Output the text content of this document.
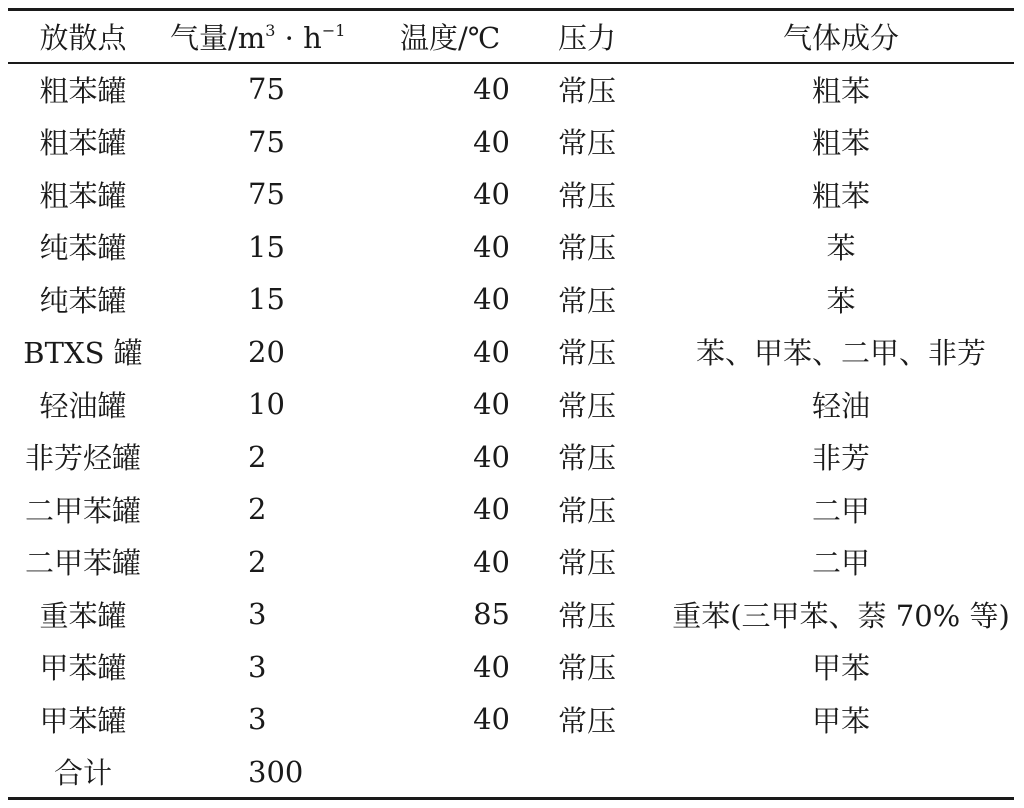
放散点	气量$/m^3 \cdot h^{-1}$	温度/℃	压力	气体成分
粗苯罐	75	40	常压	粗苯
粗苯罐	75	40	常压	粗苯
粗苯罐	75	40	常压	粗苯
纯苯罐	15	40	常压	苯
纯苯罐	15	40	常压	苯
BTXS 罐	20	40	常压	苯、甲苯、二甲、非芳
轻油罐	10	40	常压	轻油
非芳烃罐	2	40	常压	非芳
二甲苯罐	2	40	常压	二甲
二甲苯罐	2	40	常压	二甲
重苯罐	3	85	常压	重苯(三甲苯、萘 70% 等)
甲苯罐	3	40	常压	甲苯
甲苯罐	3	40	常压	甲苯
合计	300			
